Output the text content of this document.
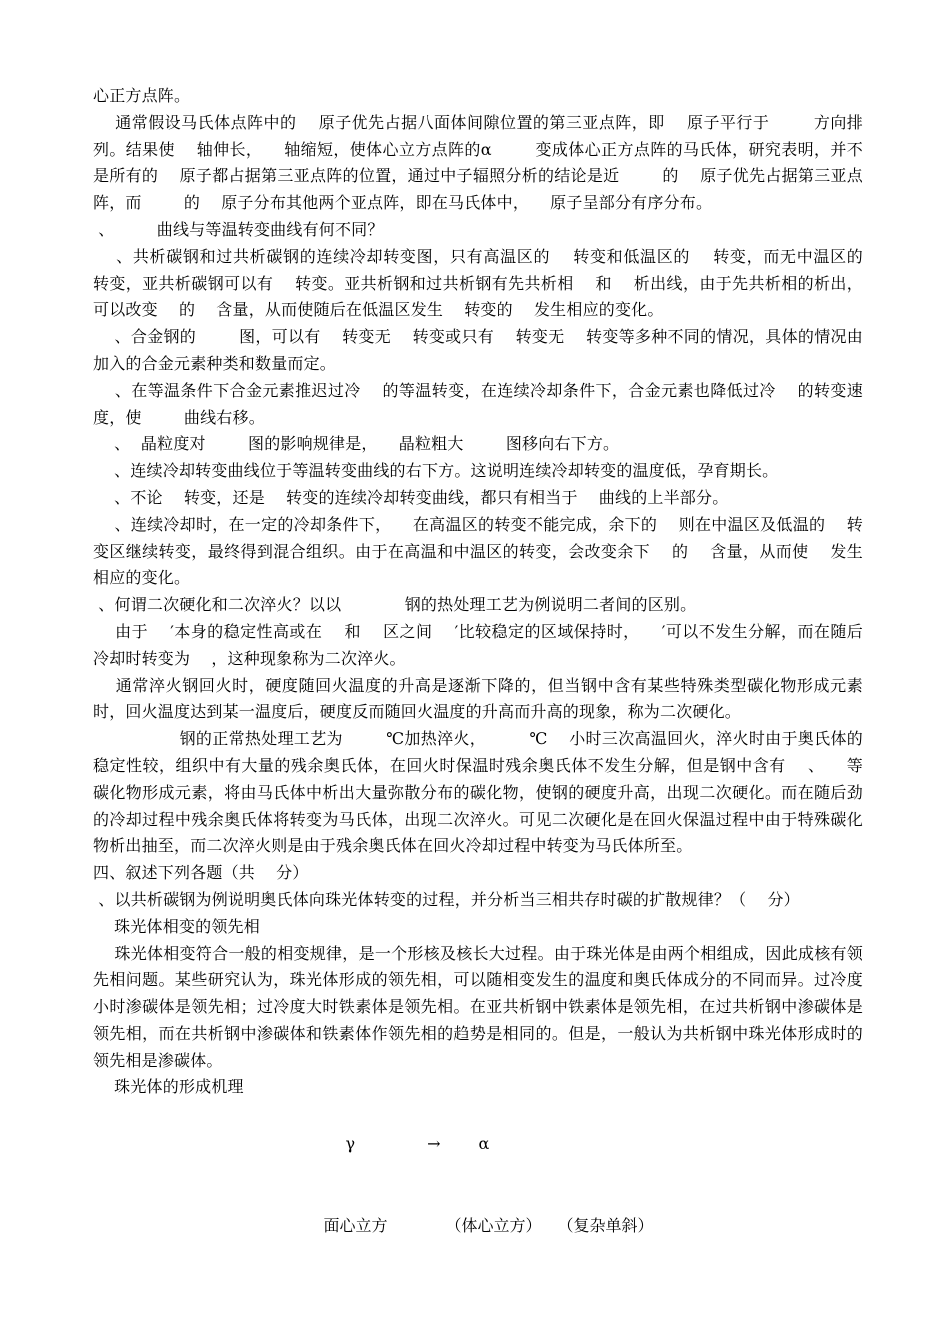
心正方点阵。

通常假设马氏体点阵中的    原子优先占据八面体间隙位置的第三亚点阵，即    原子平行于        方向排列。结果使    轴伸长，    轴缩短，使体心立方点阵的α        变成体心正方点阵的马氏体，研究表明，并不是所有的    原子都占据第三亚点阵的位置，通过中子辐照分析的结论是近        的    原子优先占据第三亚点阵，而        的    原子分布其他两个亚点阵，即在马氏体中，    原子呈部分有序分布。

、        曲线与等温转变曲线有何不同？

、共析碳钢和过共析碳钢的连续冷却转变图，只有高温区的    转变和低温区的    转变，而无中温区的    转变，亚共析碳钢可以有    转变。亚共析钢和过共析钢有先共析相    和    析出线，由于先共析相的析出，可以改变    的    含量，从而使随后在低温区发生    转变的    发生相应的变化。

、合金钢的        图，可以有    转变无    转变或只有    转变无    转变等多种不同的情况，具体的情况由加入的合金元素种类和数量而定。

、在等温条件下合金元素推迟过冷    的等温转变，在连续冷却条件下，合金元素也降低过冷    的转变速度，使        曲线右移。

、  晶粒度对        图的影响规律是，    晶粒粗大        图移向右下方。

、连续冷却转变曲线位于等温转变曲线的右下方。这说明连续冷却转变的温度低，孕育期长。

、不论    转变，还是    转变的连续冷却转变曲线，都只有相当于    曲线的上半部分。

、连续冷却时，在一定的冷却条件下，    在高温区的转变不能完成，余下的    则在中温区及低温的    转变区继续转变，最终得到混合组织。由于在高温和中温区的转变，会改变余下    的    含量，从而使    发生相应的变化。

、何谓二次硬化和二次淬火？以以            钢的热处理工艺为例说明二者间的区别。

由于    ′本身的稳定性高或在    和    区之间    ′比较稳定的区域保持时，    ′可以不发生分解，而在随后冷却时转变为    ，这种现象称为二次淬火。

通常淬火钢回火时，硬度随回火温度的升高是逐渐下降的，但当钢中含有某些特殊类型碳化物形成元素时，回火温度达到某一温度后，硬度反而随回火温度的升高而升高的现象，称为二次硬化。

钢的正常热处理工艺为        ℃加热淬火，        ℃    小时三次高温回火，淬火时由于奥氏体的稳定性较，组织中有大量的残余奥氏体，在回火时保温时残余奥氏体不发生分解，但是钢中含有    、    等碳化物形成元素，将由马氏体中析出大量弥散分布的碳化物，使钢的硬度升高，出现二次硬化。而在随后劲的冷却过程中残余奥氏体将转变为马氏体，出现二次淬火。可见二次硬化是在回火保温过程中由于特殊碳化物析出抽至，而二次淬火则是由于残余奥氏体在回火冷却过程中转变为马氏体所至。

四、叙述下列各题（共    分）

、以共析碳钢为例说明奥氏体向珠光体转变的过程，并分析当三相共存时碳的扩散规律？（    分）

珠光体相变的领先相

珠光体相变符合一般的相变规律，是一个形核及核长大过程。由于珠光体是由两个相组成，因此成核有领先相问题。某些研究认为，珠光体形成的领先相，可以随相变发生的温度和奥氏体成分的不同而异。过冷度小时渗碳体是领先相；过冷度大时铁素体是领先相。在亚共析钢中铁素体是领先相，在过共析钢中渗碳体是领先相，而在共析钢中渗碳体和铁素体作领先相的趋势是相同的。但是，一般认为共析钢中珠光体形成时的领先相是渗碳体。

珠光体的形成机理

γ	→ α

面心立方	（体心立方） （复杂单斜）
